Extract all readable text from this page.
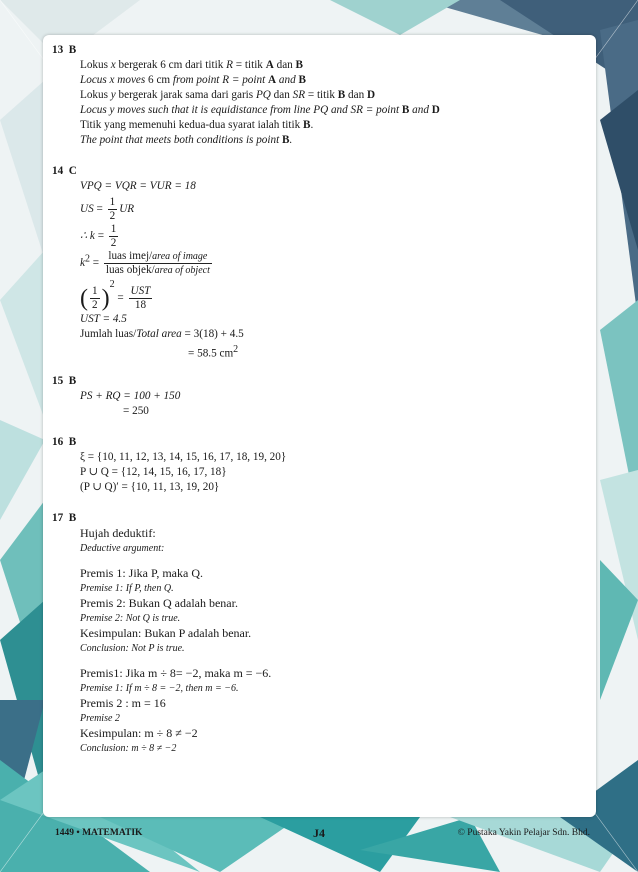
13 B
Lokus x bergerak 6 cm dari titik R = titik A dan B
Locus x moves 6 cm from point R = point A and B
Lokus y bergerak jarak sama dari garis PQ dan SR = titik B dan D
Locus y moves such that it is equidistance from line PQ and SR = point B and D
Titik yang memenuhi kedua-dua syarat ialah titik B.
The point that meets both conditions is point B.
14 C
VPQ = VQR = VUR = 18
US = $\frac{1}{2}$ UR
∴ $k = \frac{1}{2}$
$k^2 = \frac{\text{luas imej/area of image}}{\text{luas objek/area of object}}$
( $\frac{1}{2} )^2 = \frac{\text{UST}}{18}$
UST = 4.5
Jumlah luas/Total area = 3(18) + 4.5
= 58.5 $cm^2$
15 B
PS + RQ = 100 + 150
= 250
16 B
ξ = {10, 11, 12, 13, 14, 15, 16, 17, 18, 19, 20}
P ∪ Q = {12, 14, 15, 16, 17, 18}
(P ∪ Q)′ = {10, 11, 13, 19, 20}
17 B
Hujah deduktif:
Deductive argument:
Premis 1: Jika P, maka Q.
Premise 1: If P, then Q.
Premis 2: Bukan Q adalah benar.
Premise 2: Not Q is true.
Kesimpulan: Bukan P adalah benar.
Conclusion: Not P is true.
Premis1: Jika m ÷ 8= −2, maka m = −6.
Premise 1: If m ÷ 8 = −2, then m = −6.
Premis 2 : m = 16
Premise 2
Kesimpulan: m ÷ 8 ≠ −2
Conclusion: m ÷ 8 ≠ −2
1449 • MATEMATIK	J4	© Pustaka Yakin Pelajar Sdn. Bhd.
